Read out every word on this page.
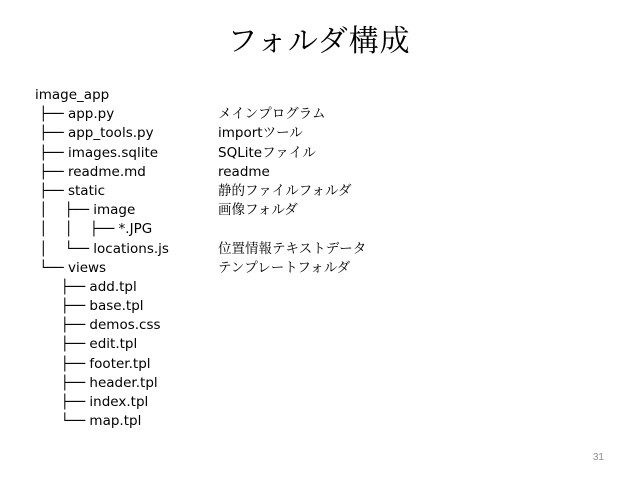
フォルダ構成
image_app
├── app.py
├── app_tools.py
├── images.sqlite
├── readme.md
├── static
│    ├── image
│    │    ├── *.JPG
│    └── locations.js
└── views
├── add.tpl
├── base.tpl
├── demos.css
├── edit.tpl
├── footer.tpl
├── header.tpl
├── index.tpl
└── map.tpl
メインプログラム
importツール
SQLiteファイル
readme
静的ファイルフォルダ
画像フォルダ
位置情報テキストデータ
テンプレートフォルダ
31
